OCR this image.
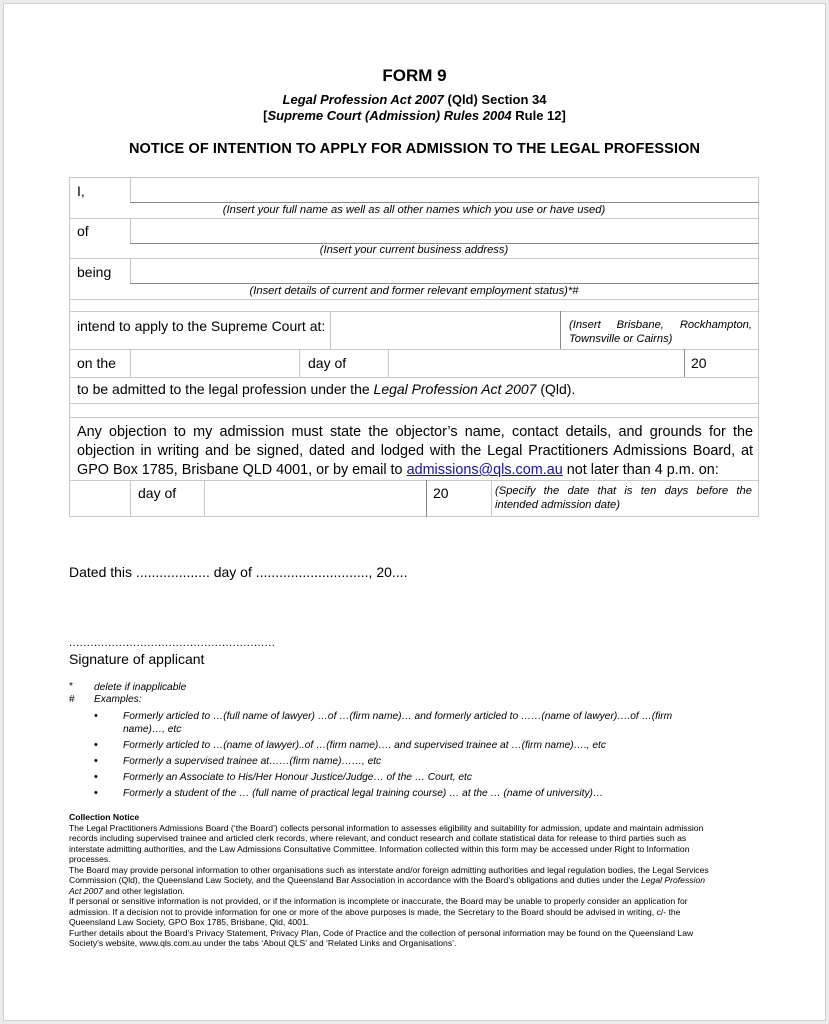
FORM 9
Legal Profession Act 2007 (Qld) Section 34
[Supreme Court (Admission) Rules 2004 Rule 12]
NOTICE OF INTENTION TO APPLY FOR ADMISSION TO THE LEGAL PROFESSION
I,
(Insert your full name as well as all other names which you use or have used)
of
(Insert your current business address)
being
(Insert details of current and former relevant employment status)*#
intend to apply to the Supreme Court at:	(Insert Brisbane, Rockhampton, Townsville or Cairns)
on the	day of	20
to be admitted to the legal profession under the Legal Profession Act 2007 (Qld).
Any objection to my admission must state the objector’s name, contact details, and grounds for the objection in writing and be signed, dated and lodged with the Legal Practitioners Admissions Board, at GPO Box 1785, Brisbane QLD 4001, or by email to admissions@qls.com.au not later than 4 p.m. on:
day of	20	(Specify the date that is ten days before the intended admission date)
Dated this ................... day of ............................., 20....
..........................................................
Signature of applicant
* delete if inapplicable
# Examples:
• Formerly articled to …(full name of lawyer) …of …(firm name)… and formerly articled to ……(name of lawyer)….of …(firm name)…, etc
• Formerly articled to …(name of lawyer)..of …(firm name)…. and supervised trainee at …(firm name)…., etc
• Formerly a supervised trainee at……(firm name)……, etc
• Formerly an Associate to His/Her Honour Justice/Judge… of the … Court, etc
• Formerly a student of the … (full name of practical legal training course) … at the … (name of university)…
Collection Notice
The Legal Practitioners Admissions Board (‘the Board’) collects personal information to assesses eligibility and suitability for admission, update and maintain admission records including supervised trainee and articled clerk records, where relevant, and conduct research and collate statistical data for release to third parties such as interstate admitting authorities, and the Law Admissions Consultative Committee. Information collected within this form may be accessed under Right to Information processes.
The Board may provide personal information to other organisations such as interstate and/or foreign admitting authorities and legal regulation bodies, the Legal Services Commission (Qld), the Queensland Law Society, and the Queensland Bar Association in accordance with the Board’s obligations and duties under the Legal Profession Act 2007 and other legislation.
If personal or sensitive information is not provided, or if the information is incomplete or inaccurate, the Board may be unable to properly consider an application for admission. If a decision not to provide information for one or more of the above purposes is made, the Secretary to the Board should be advised in writing, c/- the Queensland Law Society, GPO Box 1785, Brisbane, Qld, 4001.
Further details about the Board’s Privacy Statement, Privacy Plan, Code of Practice and the collection of personal information may be found on the Queensland Law Society’s website, www.qls.com.au under the tabs ‘About QLS’ and ‘Related Links and Organisations’.
